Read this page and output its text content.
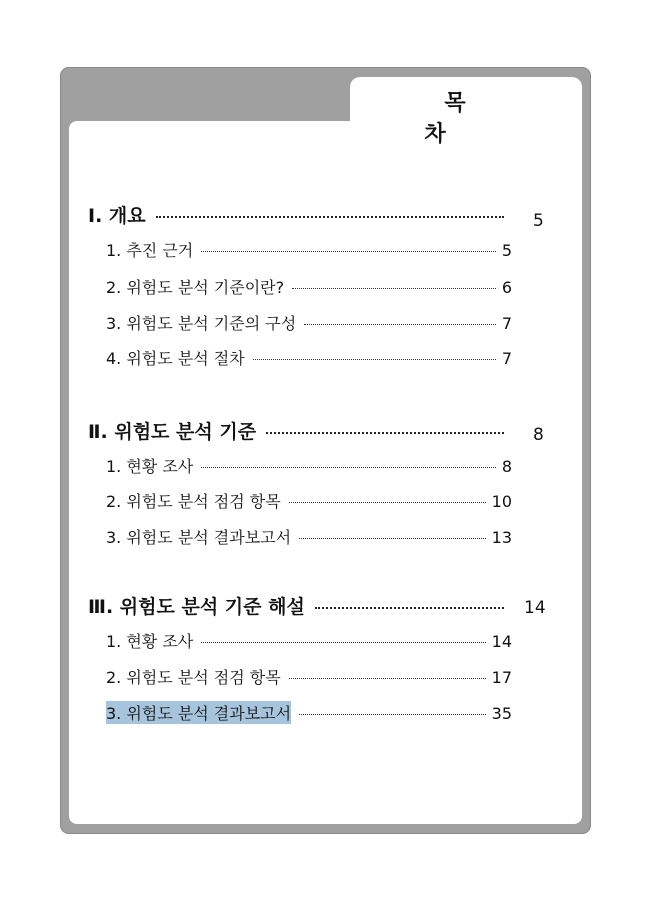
목 차
Ⅰ. 개요	5
1. 추진 근거	5
2. 위험도 분석 기준이란?	6
3. 위험도 분석 기준의 구성	7
4. 위험도 분석 절차	7
Ⅱ. 위험도 분석 기준	8
1. 현황 조사	8
2. 위험도 분석 점검 항목	10
3. 위험도 분석 결과보고서	13
Ⅲ. 위험도 분석 기준 해설	14
1. 현황 조사	14
2. 위험도 분석 점검 항목	17
3. 위험도 분석 결과보고서	35
